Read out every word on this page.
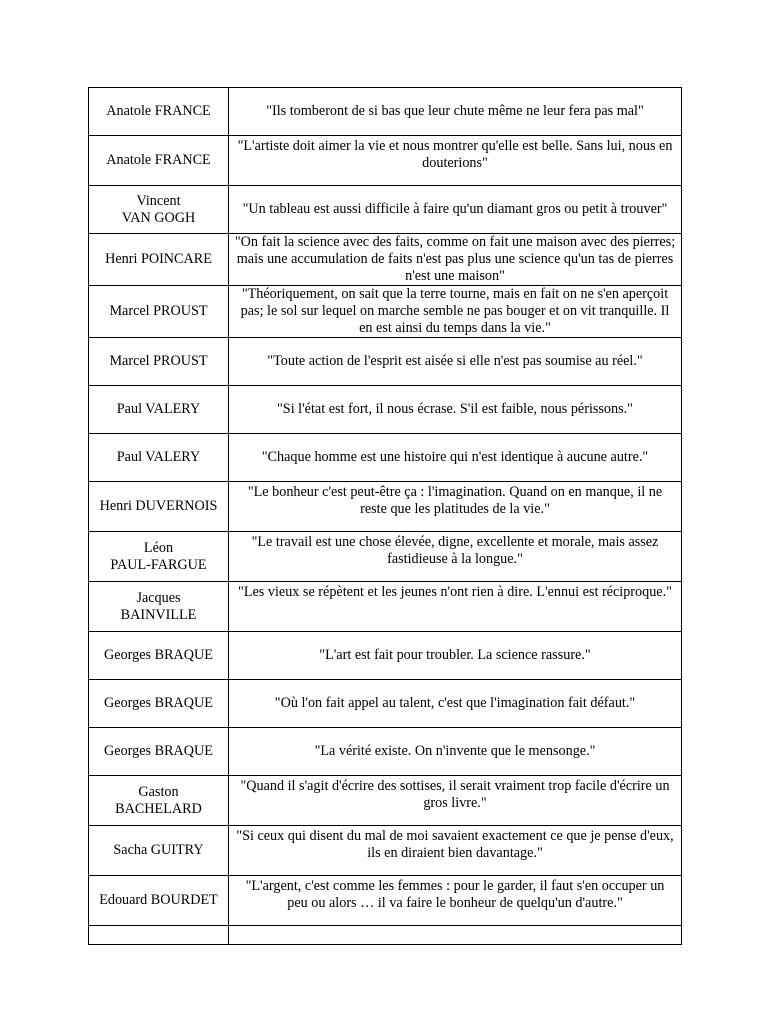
Anatole FRANCE	"Ils tomberont de si bas que leur chute même ne leur fera pas mal"
Anatole FRANCE	"L'artiste doit aimer la vie et nous montrer qu'elle est belle. Sans lui, nous en douterions"

Vincent
VAN GOGH	"Un tableau est aussi difficile à faire qu'un diamant gros ou petit à trouver"
Henri POINCARE	"On fait la science avec des faits, comme on fait une maison avec des pierres; mais une accumulation de faits n'est pas plus une science qu'un tas de pierres n'est une maison"
Marcel PROUST	"Théoriquement, on sait que la terre tourne, mais en fait on ne s'en aperçoit pas; le sol sur lequel on marche semble ne pas bouger et on vit tranquille. Il en est ainsi du temps dans la vie."
Marcel PROUST	"Toute action de l'esprit est aisée si elle n'est pas soumise au réel."
Paul VALERY	"Si l'état est fort, il nous écrase. S'il est faible, nous périssons."
Paul VALERY	"Chaque homme est une histoire qui n'est identique à aucune autre."
Henri DUVERNOIS	"Le bonheur c'est peut-être ça : l'imagination. Quand on en manque, il ne reste que les platitudes de la vie."

Léon
PAUL-FARGUE	"Le travail est une chose élevée, digne, excellente et morale, mais assez fastidieuse à la longue."

Jacques
BAINVILLE	"Les vieux se répètent et les jeunes n'ont rien à dire. L'ennui est réciproque."
Georges BRAQUE	"L'art est fait pour troubler. La science rassure."
Georges BRAQUE	"Où l'on fait appel au talent, c'est que l'imagination fait défaut."
Georges BRAQUE	"La vérité existe. On n'invente que le mensonge."

Gaston
BACHELARD	"Quand il s'agit d'écrire des sottises, il serait vraiment trop facile d'écrire un gros livre."
Sacha GUITRY	"Si ceux qui disent du mal de moi savaient exactement ce que je pense d'eux, ils en diraient bien davantage."
Edouard BOURDET	"L'argent, c'est comme les femmes : pour le garder, il faut s'en occuper un peu ou alors … il va faire le bonheur de quelqu'un d'autre."
